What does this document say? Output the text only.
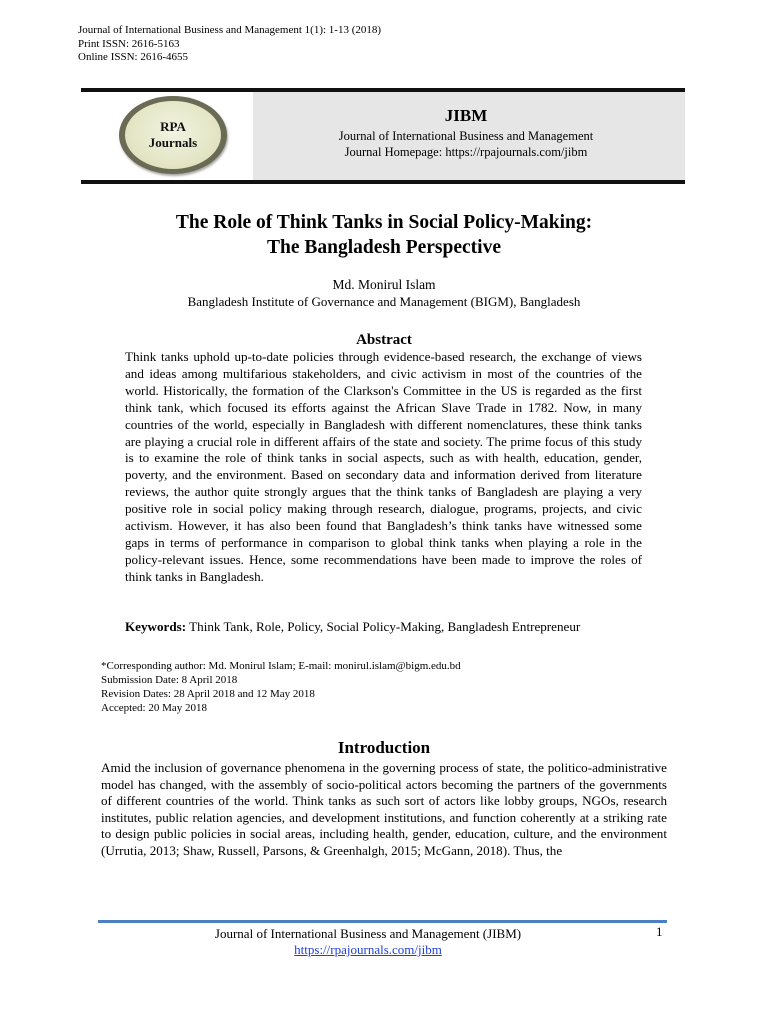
Journal of International Business and Management 1(1): 1-13 (2018)
Print ISSN: 2616-5163
Online ISSN: 2616-4655
RPA
Journals
JIBM
Journal of International Business and Management
Journal Homepage: https://rpajournals.com/jibm
The Role of Think Tanks in Social Policy-Making:
The Bangladesh Perspective
Md. Monirul Islam
Bangladesh Institute of Governance and Management (BIGM), Bangladesh
Abstract
Think tanks uphold up-to-date policies through evidence-based research, the exchange of views and ideas among multifarious stakeholders, and civic activism in most of the countries of the world. Historically, the formation of the Clarkson's Committee in the US is regarded as the first think tank, which focused its efforts against the African Slave Trade in 1782. Now, in many countries of the world, especially in Bangladesh with different nomenclatures, these think tanks are playing a crucial role in different affairs of the state and society. The prime focus of this study is to examine the role of think tanks in social aspects, such as with health, education, gender, poverty, and the environment. Based on secondary data and information derived from literature reviews, the author quite strongly argues that the think tanks of Bangladesh are playing a very positive role in social policy making through research, dialogue, programs, projects, and civic activism. However, it has also been found that Bangladesh’s think tanks have witnessed some gaps in terms of performance in comparison to global think tanks when playing a role in the policy-relevant issues. Hence, some recommendations have been made to improve the roles of think tanks in Bangladesh.
Keywords: Think Tank, Role, Policy, Social Policy-Making, Bangladesh Entrepreneur
*Corresponding author: Md. Monirul Islam; E-mail: monirul.islam@bigm.edu.bd
Submission Date: 8 April 2018
Revision Dates: 28 April 2018 and 12 May 2018
Accepted: 20 May 2018
Introduction
Amid the inclusion of governance phenomena in the governing process of state, the politico-administrative model has changed, with the assembly of socio-political actors becoming the partners of the governments of different countries of the world. Think tanks as such sort of actors like lobby groups, NGOs, research institutes, public relation agencies, and development institutions, and function coherently at a striking rate to design public policies in social areas, including health, gender, education, culture, and the environment (Urrutia, 2013; Shaw, Russell, Parsons, & Greenhalgh, 2015; McGann, 2018). Thus, the
Journal of International Business and Management (JIBM)
https://rpajournals.com/jibm
1
